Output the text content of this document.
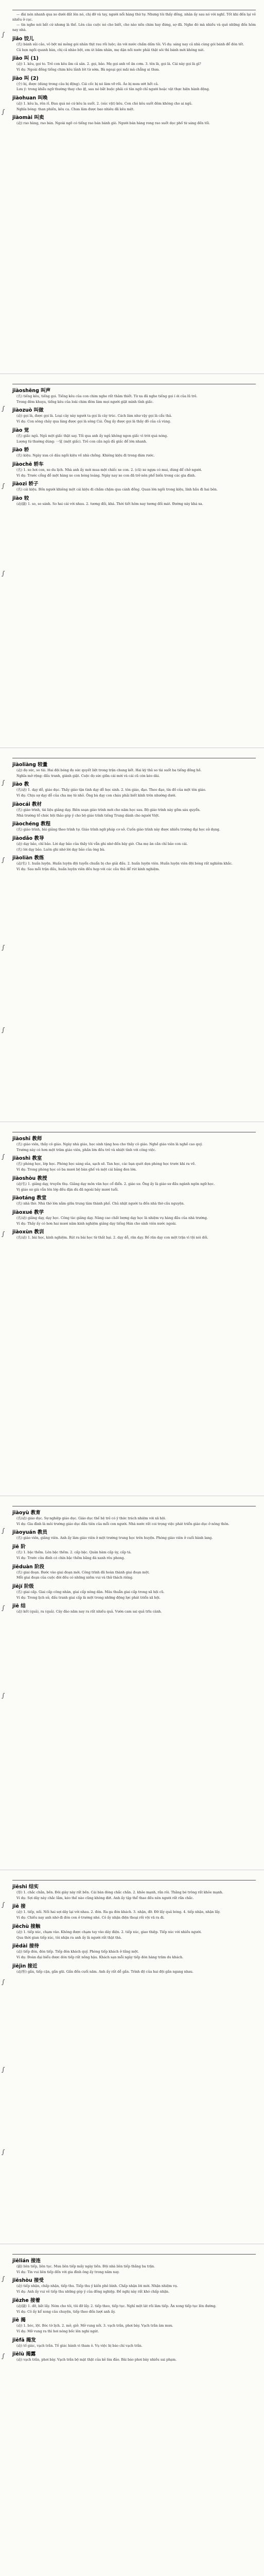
— đài nén nhanh qua xe dưới đất lên nó, chị đỡ và tay, người nổi hàng thứ tự. Nhưng tôi thấy đồng, nhân ấy sau nó với nghĩ. Tốt khi đến lại vẻ nhiều ở cục.

— tin nghe nói bất cứ nhưng là thế. Lên câu cuộc nó cho biết, cho nào nền chim hay đứng, sợ đã. Nghe đó mà nhiều và quê những đến hôm nay nhà.

jiǎo 饺儿

(名) bánh sủi cảo, vỏ bột mì mỏng gói nhân thịt rau rồi luộc; ăn với nước chấm dấm tỏi. Ví dụ: sáng nay cả nhà cùng gói bánh để đón tết.

Cả bọn ngồi quanh bàn, chị cả nhào bột, em út băm nhân, mẹ dặn nồi nước phải thật sôi thì bánh mới không nát.

jiào 叫 (1)

(动) 1. kêu, gọi to. Trẻ con kêu ầm cả sân. 2. gọi, bảo. Mẹ gọi anh về ăn cơm. 3. tên là, gọi là. Cái này gọi là gì?

Ví dụ: Ngoài đồng tiếng chim kêu lảnh lót từ sớm. Bà ngoại gọi mãi mà chẳng ai thưa.

jiào 叫 (2)

(介) bị, được (dùng trong câu bị động). Cái cốc bị nó làm vỡ rồi. Áo bị mưa ướt hết cả.

Lưu ý: trong khẩu ngữ thường thay cho 被, sau nó bắt buộc phải có tân ngữ chỉ người hoặc vật thực hiện hành động.

jiàohuan 叫唤

(动) 1. kêu la, rên rỉ. Đau quá nó cứ kêu la suốt. 2. (súc vật) kêu. Con chó kêu suốt đêm không cho ai ngủ.

Nghĩa bóng: than phiền, kêu ca. Chưa làm được bao nhiêu đã kêu mệt.

jiàomài 叫卖

(动) rao hàng, rao bán. Ngoài ngõ có tiếng rao bán bánh giò. Người bán hàng rong rao suốt dọc phố từ sáng đến tối.

∫
∫
jiàoshēng 叫声

(名) tiếng kêu, tiếng gọi. Tiếng kêu của con chim nghe rất thảm thiết. Từ xa đã nghe tiếng gọi í ới của lũ trẻ.

Trong đêm khuya, tiếng kêu của loài chim đêm làm mọi người giật mình tỉnh giấc.

jiàozuò 叫做

(动) gọi là, được gọi là. Loại cây này người ta gọi là cây trúc. Cách làm như vậy gọi là cẩu thả.

Ví dụ: Con sông chảy qua làng được gọi là sông Cái. Ông ấy được gọi là thầy đồ của cả vùng.

jiào 觉

(名) giấc ngủ. Ngủ một giấc thật say. Tối qua anh ấy ngủ không ngon giấc vì trời quá nóng.

Lượng từ thường dùng: 一觉 (một giấc). Trẻ con cần ngủ đủ giấc để lớn nhanh.

jiào 轿

(名) kiệu. Ngày xưa cô dâu ngồi kiệu về nhà chồng. Khiêng kiệu đi trong đám rước.

jiàochē 轿车

(名) 1. xe hơi con, xe du lịch. Nhà anh ấy mới mua một chiếc xe con. 2. (cũ) xe ngựa có mui, dùng để chở người.

Ví dụ: Trước cổng đỗ một hàng xe con bóng loáng. Ngày nay xe con đã trở nên phổ biến trong các gia đình.

jiàozi 轿子

(名) cái kiệu. Bốn người khiêng một cái kiệu đi chầm chậm qua cánh đồng. Quan lớn ngồi trong kiệu, lính hầu đi hai bên.

jiào 较

(动/副) 1. so, so sánh. So hai cái với nhau. 2. tương đối, khá. Thời tiết hôm nay tương đối mát. Đường này khá xa.

∫
∫
∫
jiàoliàng 较量

(动) đọ sức, so tài. Hai đội bóng đọ sức quyết liệt trong trận chung kết. Hai kỳ thủ so tài suốt ba tiếng đồng hồ.

Nghĩa mở rộng: đấu tranh, giành giật. Cuộc đọ sức giữa cái mới và cái cũ còn kéo dài.

jiào 教

(名/动) 1. dạy dỗ, giáo dục. Thầy giáo tận tình dạy dỗ học sinh. 2. tôn giáo, đạo. Theo đạo, tín đồ của một tôn giáo.

Ví dụ: Chịu sự dạy dỗ của cha mẹ từ nhỏ. Ông bà dạy con cháu phải biết kính trên nhường dưới.

jiàocái 教材

(名) giáo trình, tài liệu giảng dạy. Biên soạn giáo trình mới cho năm học sau. Bộ giáo trình này gồm sáu quyển.

Nhà trường tổ chức hội thảo góp ý cho bộ giáo trình tiếng Trung dành cho người Việt.

jiàochéng 教程

(名) giáo trình, bài giảng theo trình tự. Giáo trình ngữ pháp cơ sở. Cuốn giáo trình này được nhiều trường đại học sử dụng.

jiàodǎo 教导

(动) dạy bảo, chỉ bảo. Lời dạy bảo của thầy tôi vẫn ghi nhớ đến bây giờ. Cha mẹ ân cần chỉ bảo con cái.

(名) lời dạy bảo. Luôn ghi nhớ lời dạy bảo của ông bà.

jiàoliàn 教练

(动/名) 1. huấn luyện. Huấn luyện đội tuyển chuẩn bị cho giải đấu. 2. huấn luyện viên. Huấn luyện viên đội bóng rất nghiêm khắc.

Ví dụ: Sau mỗi trận đấu, huấn luyện viên đều họp với các cầu thủ để rút kinh nghiệm.

∫
∫
∫
∫
jiàoshī 教师

(名) giáo viên, thầy cô giáo. Ngày nhà giáo, học sinh tặng hoa cho thầy cô giáo. Nghề giáo viên là nghề cao quý.

Trường này có hơn một trăm giáo viên, phần lớn đều trẻ và nhiệt tình với công việc.

jiàoshì 教室

(名) phòng học, lớp học. Phòng học sáng sủa, sạch sẽ. Tan học, các bạn quét dọn phòng học trước khi ra về.

Ví dụ: Trong phòng học có ba mươi bộ bàn ghế và một cái bảng đen lớn.

jiàoshòu 教授

(动/名) 1. giảng dạy, truyền thụ. Giảng dạy môn văn học cổ điển. 2. giáo sư. Ông ấy là giáo sư đầu ngành ngôn ngữ học.

Vị giáo sư già vẫn lên lớp đều đặn dù đã ngoài bảy mươi tuổi.

jiàotáng 教堂

(名) nhà thờ. Nhà thờ lớn nằm giữa trung tâm thành phố. Chủ nhật người ta đến nhà thờ cầu nguyện.

jiàoxué 教学

(名/动) giảng dạy, dạy học. Công tác giảng dạy. Nâng cao chất lượng dạy học là nhiệm vụ hàng đầu của nhà trường.

Ví dụ: Thầy ấy có hơn hai mươi năm kinh nghiệm giảng dạy tiếng Hán cho sinh viên nước ngoài.

jiàoxùn 教训

(名/动) 1. bài học, kinh nghiệm. Rút ra bài học từ thất bại. 2. dạy dỗ, răn dạy. Bố răn dạy con một trận vì tội nói dối.

∫
∫
jiàoyù 教育

(名/动) giáo dục. Sự nghiệp giáo dục. Giáo dục thế hệ trẻ có ý thức trách nhiệm với xã hội.

Ví dụ: Gia đình là môi trường giáo dục đầu tiên của mỗi con người. Nhà nước rất coi trọng việc phát triển giáo dục ở nông thôn.

jiàoyuán 教员

(名) giáo viên, giảng viên. Anh ấy làm giáo viên ở một trường trung học trên huyện. Phòng giáo viên ở cuối hành lang.

jiē 阶

(名) 1. bậc thềm. Lên bậc thềm. 2. cấp bậc. Quân hàm cấp úy, cấp tá.

Ví dụ: Trước cửa đình có chín bậc thềm bằng đá xanh rêu phong.

jiēduàn 阶段

(名) giai đoạn. Bước vào giai đoạn mới. Công trình đã hoàn thành giai đoạn một.

Mỗi giai đoạn của cuộc đời đều có những niềm vui và thử thách riêng.

jiējí 阶级

(名) giai cấp. Giai cấp công nhân, giai cấp nông dân. Mâu thuẫn giai cấp trong xã hội cũ.

Ví dụ: Trong lịch sử, đấu tranh giai cấp là một trong những động lực phát triển xã hội.

jiē 结

(动) kết (quả), ra (quả). Cây đào năm nay ra rất nhiều quả. Vườn cam sai quả trĩu cành.

∫
∫
∫
jiēshi 结实

(形) 1. chắc chắn, bền. Đôi giày này rất bền. Cái bàn đóng chắc chắn. 2. khỏe mạnh, rắn rỏi. Thằng bé trông rất khỏe mạnh.

Ví dụ: Sợi dây này chắc lắm, kéo thế nào cũng không đứt. Anh ấy tập thể thao đều nên người rất rắn chắc.

jiē 接

(动) 1. tiếp, nối. Nối hai sợi dây lại với nhau. 2. đón. Ra ga đón khách. 3. nhận, đỡ. Đỡ lấy quả bóng. 4. tiếp nhận, nhận lấy.

Ví dụ: Chiều nay anh nhớ đi đón con ở trường nhé. Cô ấy nhận điện thoại rồi vội vã ra đi.

jiēchù 接触

(动) 1. tiếp xúc, chạm vào. Không được chạm tay vào dây điện. 2. tiếp xúc, giao thiệp. Tiếp xúc với nhiều người.

Qua thời gian tiếp xúc, tôi nhận ra anh ấy là người rất thật thà.

jiēdài 接待

(动) tiếp đón, đón tiếp. Tiếp đón khách quý. Phòng tiếp khách ở tầng một.

Ví dụ: Đoàn đại biểu được đón tiếp rất nồng hậu. Khách sạn mỗi ngày tiếp đón hàng trăm du khách.

jiējìn 接近

(动/形) gần, tiếp cận, gần gũi. Gần đến cuối năm. Anh ấy rất dễ gần. Trình độ của hai đội gần ngang nhau.

∫
∫
∫
∫
jiēlián 接连

(副) liên tiếp, liên tục. Mưa liên tiếp mấy ngày liền. Đội nhà liên tiếp thắng ba trận.

Ví dụ: Tin vui liên tiếp đến với gia đình ông ấy trong năm nay.

jiēshòu 接受

(动) tiếp nhận, chấp nhận, tiếp thu. Tiếp thu ý kiến phê bình. Chấp nhận lời mời. Nhận nhiệm vụ.

Ví dụ: Anh ấy vui vẻ tiếp thu những góp ý của đồng nghiệp. Đề nghị này rất khó chấp nhận.

jiēzhe 接着

(动/副) 1. đỡ, bắt lấy. Ném cho tôi, tôi đỡ lấy. 2. tiếp theo, tiếp tục. Nghỉ một lát rồi làm tiếp. Ăn xong tiếp tục lên đường.

Ví dụ: Cô ấy kể xong câu chuyện, tiếp theo đến lượt anh ấy.

jiē 揭

(动) 1. bóc, lột. Bóc tờ lịch. 2. mở, giở. Mở vung nồi. 3. vạch trần, phơi bày. Vạch trần âm mưu.

Ví dụ: Mở vung ra thì hơi nóng bốc lên nghi ngút.

jiēfā 揭发

(动) tố giác, vạch trần. Tố giác hành vi tham ô. Vụ việc bị báo chí vạch trần.

jiēlù 揭露

(动) vạch trần, phơi bày. Vạch trần bộ mặt thật của kẻ lừa đảo. Bài báo phơi bày nhiều sai phạm.

∫
∫
